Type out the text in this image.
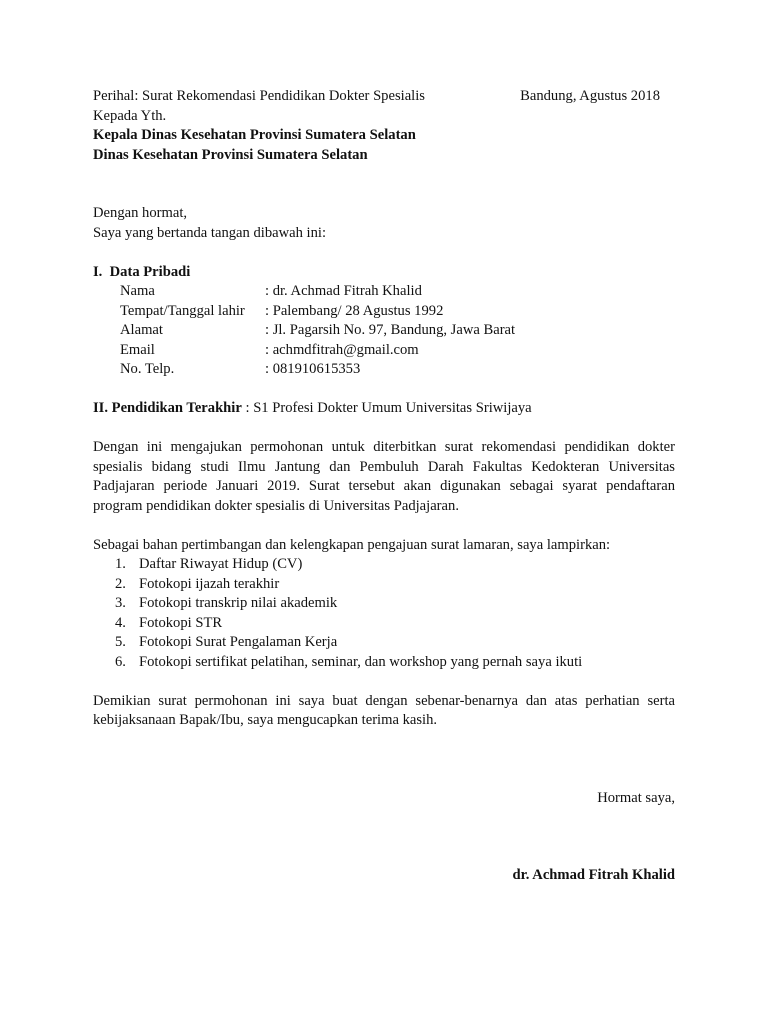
Perihal: Surat Rekomendasi Pendidikan Dokter Spesialis	Bandung, Agustus 2018
Kepada Yth.
Kepala Dinas Kesehatan Provinsi Sumatera Selatan
Dinas Kesehatan Provinsi Sumatera Selatan
Dengan hormat,
Saya yang bertanda tangan dibawah ini:
I.  Data Pribadi
Nama	: dr. Achmad Fitrah Khalid
Tempat/Tanggal lahir	: Palembang/ 28 Agustus 1992
Alamat	: Jl. Pagarsih No. 97, Bandung, Jawa Barat
Email	: achmdfitrah@gmail.com
No. Telp.	: 081910615353
II. Pendidikan Terakhir : S1 Profesi Dokter Umum Universitas Sriwijaya
Dengan ini mengajukan permohonan untuk diterbitkan surat rekomendasi pendidikan dokter spesialis bidang studi Ilmu Jantung dan Pembuluh Darah Fakultas Kedokteran Universitas Padjajaran periode Januari 2019. Surat tersebut akan digunakan sebagai syarat pendaftaran program pendidikan dokter spesialis di Universitas Padjajaran.
Sebagai bahan pertimbangan dan kelengkapan pengajuan surat lamaran, saya lampirkan:
1. Daftar Riwayat Hidup (CV)
2. Fotokopi ijazah terakhir
3. Fotokopi transkrip nilai akademik
4. Fotokopi STR
5. Fotokopi Surat Pengalaman Kerja
6. Fotokopi sertifikat pelatihan, seminar, dan workshop yang pernah saya ikuti
Demikian surat permohonan ini saya buat dengan sebenar-benarnya dan atas perhatian serta kebijaksanaan Bapak/Ibu, saya mengucapkan terima kasih.
Hormat saya,
dr. Achmad Fitrah Khalid
